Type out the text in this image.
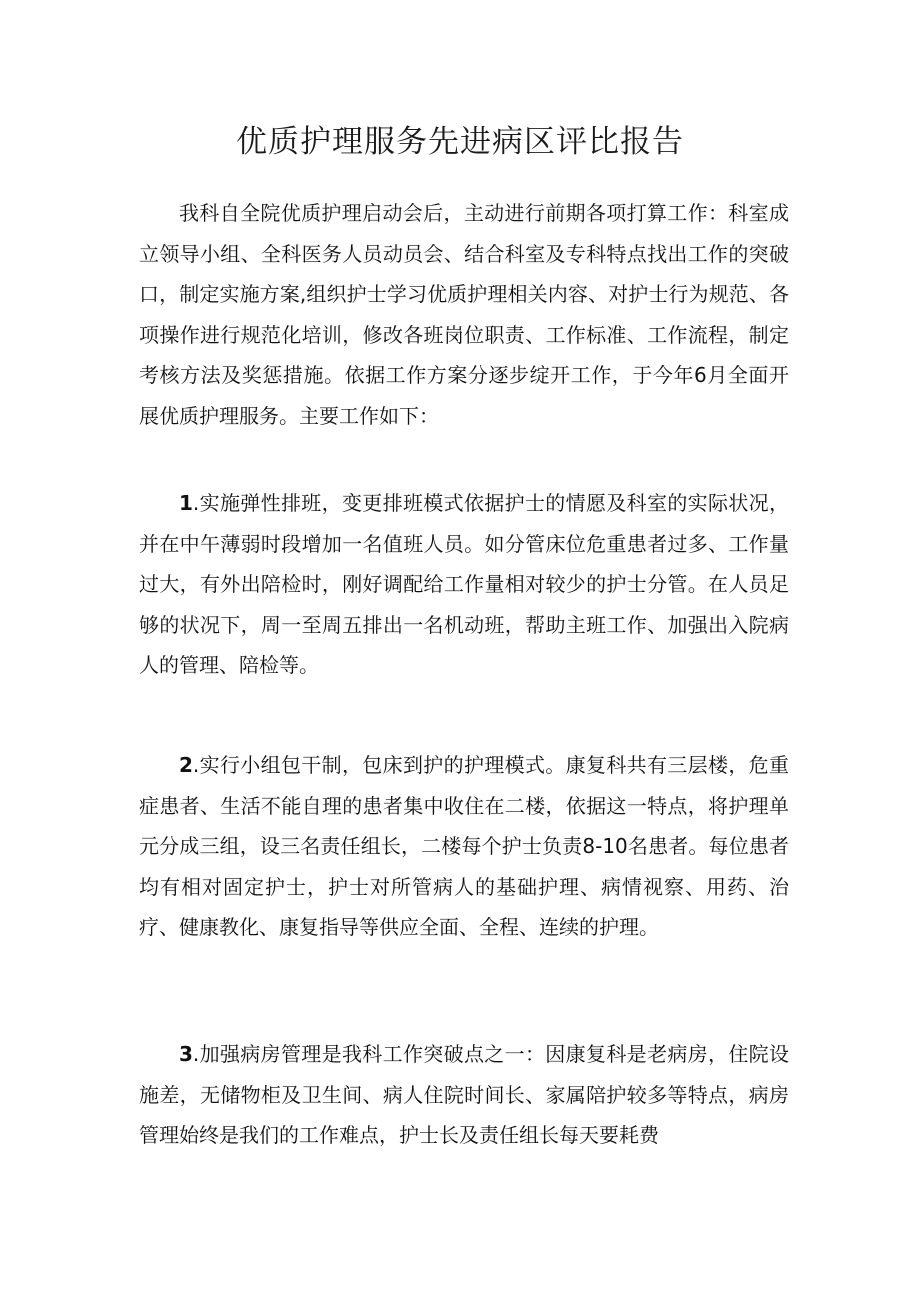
优质护理服务先进病区评比报告

我科自全院优质护理启动会后，主动进行前期各项打算工作：科室成立领导小组、全科医务人员动员会、结合科室及专科特点找出工作的突破口，制定实施方案,组织护士学习优质护理相关内容、对护士行为规范、各项操作进行规范化培训，修改各班岗位职责、工作标准、工作流程，制定考核方法及奖惩措施。依据工作方案分逐步绽开工作，于今年6月全面开展优质护理服务。主要工作如下：

1.实施弹性排班，变更排班模式依据护士的情愿及科室的实际状况，并在中午薄弱时段增加一名值班人员。如分管床位危重患者过多、工作量过大，有外出陪检时，刚好调配给工作量相对较少的护士分管。在人员足够的状况下，周一至周五排出一名机动班，帮助主班工作、加强出入院病人的管理、陪检等。

2.实行小组包干制，包床到护的护理模式。康复科共有三层楼，危重症患者、生活不能自理的患者集中收住在二楼，依据这一特点，将护理单元分成三组，设三名责任组长，二楼每个护士负责8-10名患者。每位患者均有相对固定护士，护士对所管病人的基础护理、病情视察、用药、治疗、健康教化、康复指导等供应全面、全程、连续的护理。

3.加强病房管理是我科工作突破点之一：因康复科是老病房，住院设施差，无储物柜及卫生间、病人住院时间长、家属陪护较多等特点，病房管理始终是我们的工作难点，护士长及责任组长每天要耗费
